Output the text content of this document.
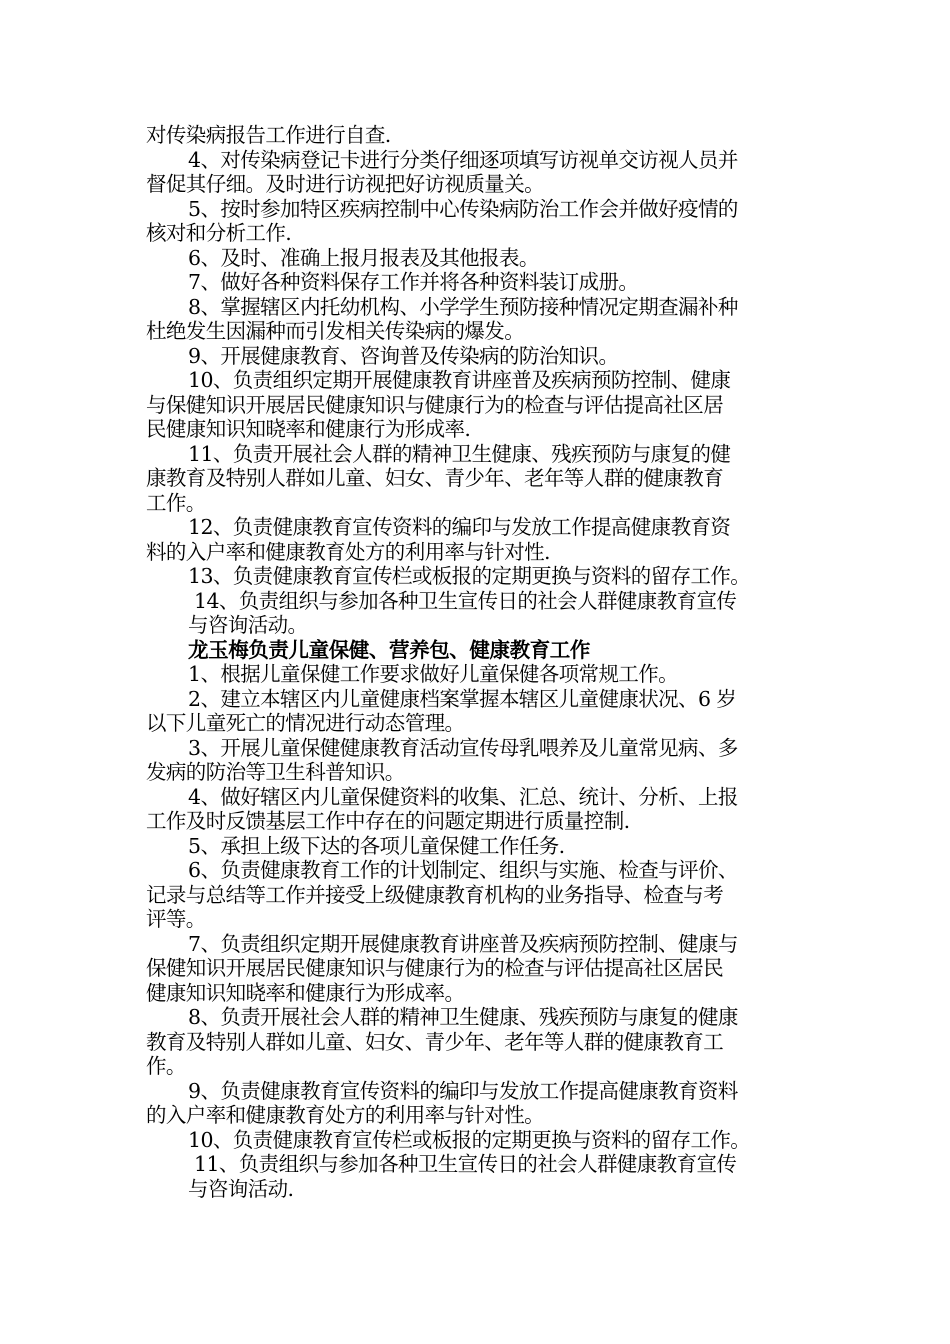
对传染病报告工作进行自查.
4、对传染病登记卡进行分类仔细逐项填写访视单交访视人员并
督促其仔细。及时进行访视把好访视质量关。
5、按时参加特区疾病控制中心传染病防治工作会并做好疫情的
核对和分析工作.
6、及时、准确上报月报表及其他报表。
7、做好各种资料保存工作并将各种资料装订成册。
8、掌握辖区内托幼机构、小学学生预防接种情况定期查漏补种
杜绝发生因漏种而引发相关传染病的爆发。
9、开展健康教育、咨询普及传染病的防治知识。
10、负责组织定期开展健康教育讲座普及疾病预防控制、健康
与保健知识开展居民健康知识与健康行为的检查与评估提高社区居
民健康知识知晓率和健康行为形成率.
11、负责开展社会人群的精神卫生健康、残疾预防与康复的健
康教育及特别人群如儿童、妇女、青少年、老年等人群的健康教育
工作。
12、负责健康教育宣传资料的编印与发放工作提高健康教育资
料的入户率和健康教育处方的利用率与针对性.
13、负责健康教育宣传栏或板报的定期更换与资料的留存工作。
14、负责组织与参加各种卫生宣传日的社会人群健康教育宣传
与咨询活动。
龙玉梅负责儿童保健、营养包、健康教育工作
1、根据儿童保健工作要求做好儿童保健各项常规工作。
2、建立本辖区内儿童健康档案掌握本辖区儿童健康状况、6 岁
以下儿童死亡的情况进行动态管理。
3、开展儿童保健健康教育活动宣传母乳喂养及儿童常见病、多
发病的防治等卫生科普知识。
4、做好辖区内儿童保健资料的收集、汇总、统计、分析、上报
工作及时反馈基层工作中存在的问题定期进行质量控制.
5、承担上级下达的各项儿童保健工作任务.
6、负责健康教育工作的计划制定、组织与实施、检查与评价、
记录与总结等工作并接受上级健康教育机构的业务指导、检查与考
评等。
7、负责组织定期开展健康教育讲座普及疾病预防控制、健康与
保健知识开展居民健康知识与健康行为的检查与评估提高社区居民
健康知识知晓率和健康行为形成率。
8、负责开展社会人群的精神卫生健康、残疾预防与康复的健康
教育及特别人群如儿童、妇女、青少年、老年等人群的健康教育工
作。
9、负责健康教育宣传资料的编印与发放工作提高健康教育资料
的入户率和健康教育处方的利用率与针对性。
10、负责健康教育宣传栏或板报的定期更换与资料的留存工作。
11、负责组织与参加各种卫生宣传日的社会人群健康教育宣传
与咨询活动.
